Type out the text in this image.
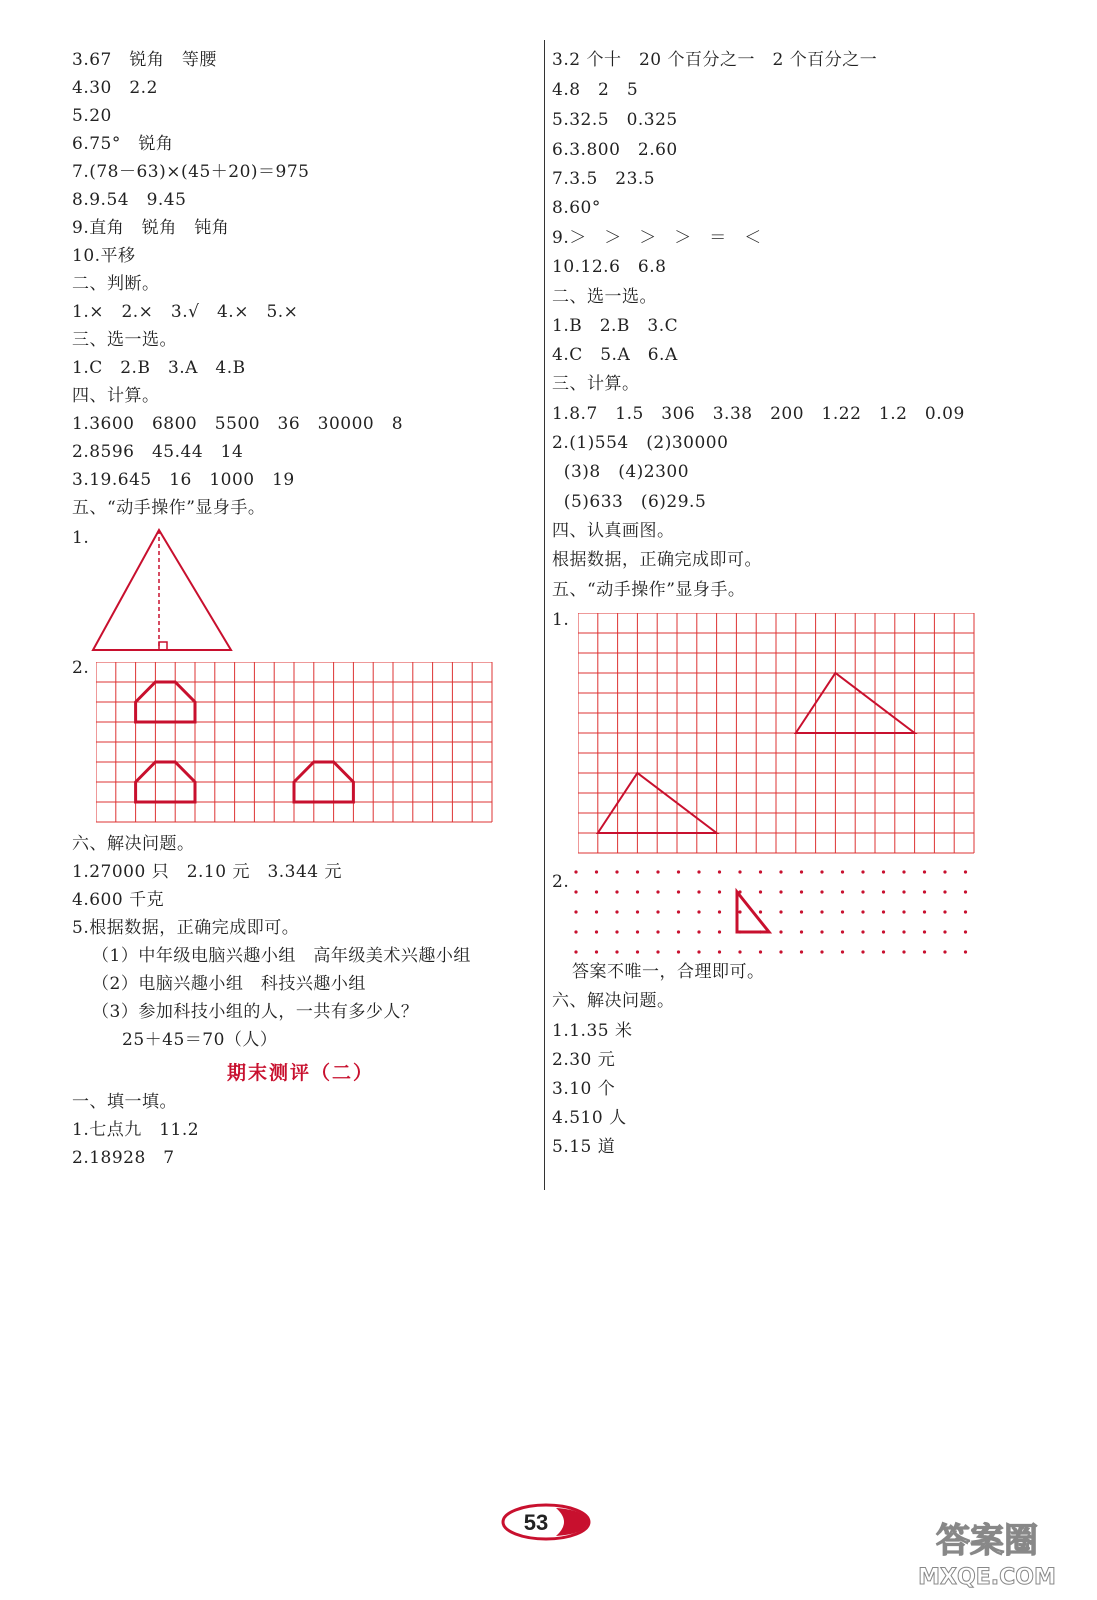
3.67　锐角　等腰
4.30　2.2
5.20
6.75°　锐角
7.(78－63)×(45＋20)＝975
8.9.54　9.45
9.直角　锐角　钝角
10.平移
二、判断。
1.×　2.×　3.√　4.×　5.×
三、选一选。
1.C　2.B　3.A　4.B
四、计算。
1.3600　6800　5500　36　30000　8
2.8596　45.44　14
3.19.645　16　1000　19
五、“动手操作”显身手。
1.
2.
六、解决问题。
1.27000 只　2.10 元　3.344 元
4.600 千克
5.根据数据，正确完成即可。
（1）中年级电脑兴趣小组　高年级美术兴趣小组
（2）电脑兴趣小组　科技兴趣小组
（3）参加科技小组的人，一共有多少人？
25＋45＝70（人）
期末测评（二）
一、填一填。
1.七点九　11.2
2.18928　7
3.2 个十　20 个百分之一　2 个百分之一
4.8　2　5
5.32.5　0.325
6.3.800　2.60
7.3.5　23.5
8.60°
9.＞　＞　＞　＞　＝　＜
10.12.6　6.8
二、选一选。
1.B　2.B　3.C
4.C　5.A　6.A
三、计算。
1.8.7　1.5　306　3.38　200　1.22　1.2　0.09
2.(1)554　(2)30000
(3)8　(4)2300
(5)633　(6)29.5
四、认真画图。
根据数据，正确完成即可。
五、“动手操作”显身手。
1.
2.
答案不唯一，合理即可。
六、解决问题。
1.1.35 米
2.30 元
3.10 个
4.510 人
5.15 道
53	答案圈
MXQE.COM
